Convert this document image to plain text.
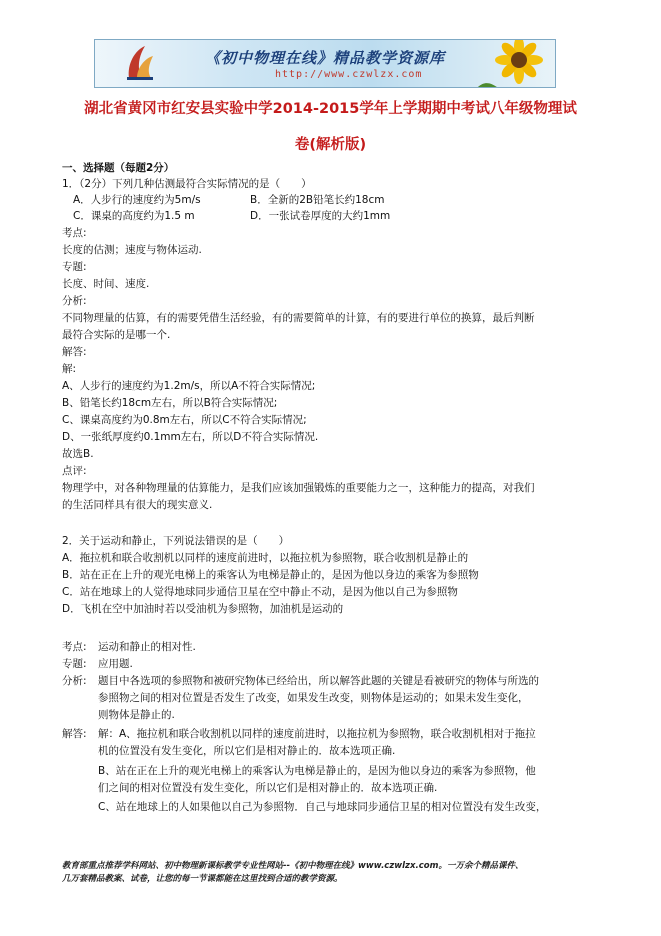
《初中物理在线》精品教学资源库
http://www.czwlzx.com
湖北省黄冈市红安县实验中学2014-2015学年上学期期中考试八年级物理试
卷(解析版)
一、选择题（每题2分）
1．（2分）下列几种估测最符合实际情况的是（　　）
A．人步行的速度约为5m/s	B．全新的2B铅笔长约18cm
C．课桌的高度约为1.5 m	D．一张试卷厚度的大约1mm
考点:
长度的估测；速度与物体运动.
专题:
长度、时间、速度.
分析:
不同物理量的估算，有的需要凭借生活经验，有的需要简单的计算，有的要进行单位的换算，最后判断
最符合实际的是哪一个.
解答:
解:
A、人步行的速度约为1.2m/s，所以A不符合实际情况;
B、铅笔长约18cm左右，所以B符合实际情况;
C、课桌高度约为0.8m左右，所以C不符合实际情况;
D、一张纸厚度约0.1mm左右，所以D不符合实际情况.
故选B.
点评:
物理学中，对各种物理量的估算能力，是我们应该加强锻炼的重要能力之一，这种能力的提高，对我们
的生活同样具有很大的现实意义.
2．关于运动和静止，下列说法错误的是（　　）
A．拖拉机和联合收割机以同样的速度前进时，以拖拉机为参照物，联合收割机是静止的
B．站在正在上升的观光电梯上的乘客认为电梯是静止的，是因为他以身边的乘客为参照物
C．站在地球上的人觉得地球同步通信卫星在空中静止不动，是因为他以自己为参照物
D．飞机在空中加油时若以受油机为参照物，加油机是运动的
考点: 运动和静止的相对性.
专题: 应用题.
分析: 题目中各选项的参照物和被研究物体已经给出，所以解答此题的关键是看被研究的物体与所选的
参照物之间的相对位置是否发生了改变，如果发生改变，则物体是运动的；如果未发生变化，
则物体是静止的.
解答: 解：A、拖拉机和联合收割机以同样的速度前进时，以拖拉机为参照物，联合收割机相对于拖拉
机的位置没有发生变化，所以它们是相对静止的．故本选项正确.
B、站在正在上升的观光电梯上的乘客认为电梯是静止的，是因为他以身边的乘客为参照物，他
们之间的相对位置没有发生变化，所以它们是相对静止的．故本选项正确.
C、站在地球上的人如果他以自己为参照物．自己与地球同步通信卫星的相对位置没有发生改变，
教育部重点推荐学科网站、初中物理新课标教学专业性网站--《初中物理在线》www.czwlzx.com。一万余个精品课件、
几万套精品教案、试卷，让您的每一节课都能在这里找到合适的教学资源。
